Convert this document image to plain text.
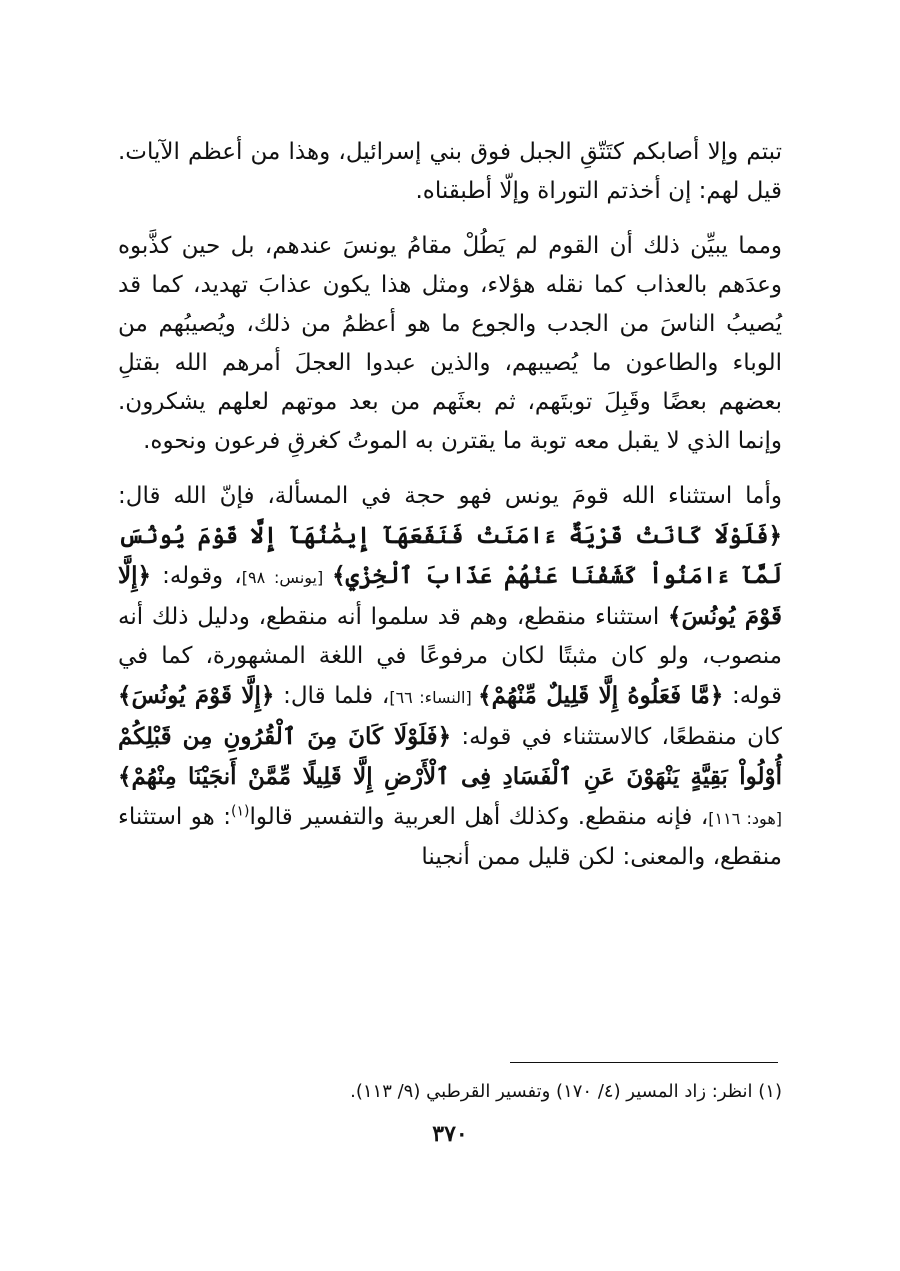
تبتم وإلا أصابكم كتَتّقِ الجبل فوق بني إسرائيل، وهذا من أعظم الآيات. قيل لهم: إن أخذتم التوراة وإلّا أطبقناه.

ومما يبيِّن ذلك أن القوم لم يَطُلْ مقامُ يونسَ عندهم، بل حين كذَّبوه وعدَهم بالعذاب كما نقله هؤلاء، ومثل هذا يكون عذابَ تهديد، كما قد يُصيبُ الناسَ من الجدب والجوع ما هو أعظمُ من ذلك، ويُصيبُهم من الوباء والطاعون ما يُصيبهم، والذين عبدوا العجلَ أمرهم الله بقتلِ بعضهم بعضًا وقَبِلَ توبتَهم، ثم بعثَهم من بعد موتهم لعلهم يشكرون. وإنما الذي لا يقبل معه توبة ما يقترن به الموتُ كغرقِ فرعون ونحوه.

وأما استثناء الله قومَ يونس فهو حجة في المسألة، فإنّ الله قال: ﴿فَلَوْلَا كَانَتْ قَرْيَةٌ ءَامَنَتْ فَنَفَعَهَآ إِيمَٰنُهَآ إِلَّا قَوْمَ يُونُسَ لَمَّآ ءَامَنُواْ كَشَفْنَا عَنْهُمْ عَذَابَ ٱلْخِزْيِ﴾ [يونس: ٩٨]، وقوله: ﴿إِلَّا قَوْمَ يُونُسَ﴾ استثناء منقطع، وهم قد سلموا أنه منقطع، ودليل ذلك أنه منصوب، ولو كان مثبتًا لكان مرفوعًا في اللغة المشهورة، كما في قوله: ﴿مَّا فَعَلُوهُ إِلَّا قَلِيلٌ مِّنْهُمْ﴾ [النساء: ٦٦]، فلما قال: ﴿إِلَّا قَوْمَ يُونُسَ﴾ كان منقطعًا، كالاستثناء في قوله: ﴿فَلَوْلَا كَانَ مِنَ ٱلْقُرُونِ مِن قَبْلِكُمْ أُوْلُواْ بَقِيَّةٍ يَنْهَوْنَ عَنِ ٱلْفَسَادِ فِى ٱلْأَرْضِ إِلَّا قَلِيلًا مِّمَّنْ أَنجَيْنَا مِنْهُمْ﴾ [هود: ١١٦]، فإنه منقطع. وكذلك أهل العربية والتفسير قالوا$^{(١)}$: هو استثناء منقطع، والمعنى: لكن قليل ممن أنجينا

(١) انظر: زاد المسير (٤/ ١٧٠) وتفسير القرطبي (٩/ ١١٣).
٣٧٠
